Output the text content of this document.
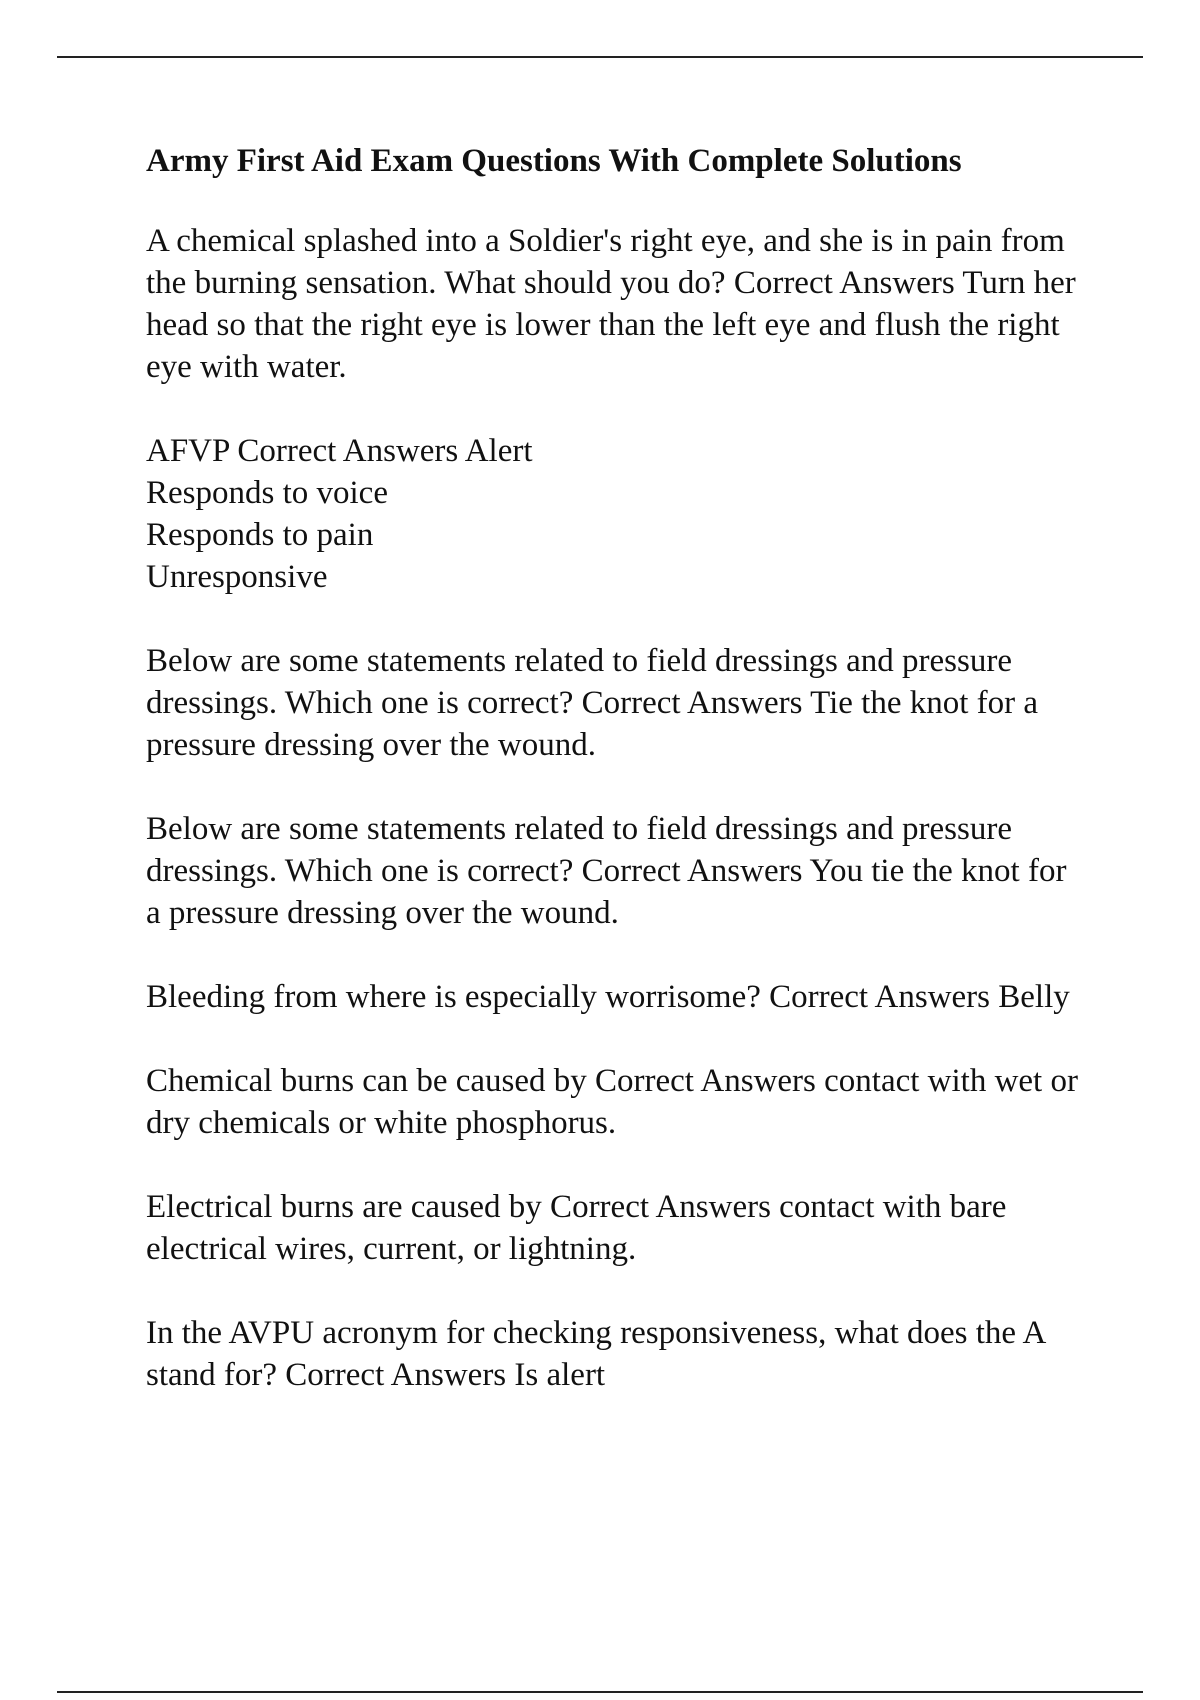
Army First Aid Exam Questions With Complete Solutions
A chemical splashed into a Soldier's right eye, and she is in pain from the burning sensation. What should you do? Correct Answers Turn her head so that the right eye is lower than the left eye and flush the right eye with water.
AFVP Correct Answers Alert
Responds to voice
Responds to pain
Unresponsive
Below are some statements related to field dressings and pressure dressings. Which one is correct? Correct Answers Tie the knot for a pressure dressing over the wound.
Below are some statements related to field dressings and pressure dressings. Which one is correct? Correct Answers You tie the knot for a pressure dressing over the wound.
Bleeding from where is especially worrisome? Correct Answers Belly
Chemical burns can be caused by Correct Answers contact with wet or dry chemicals or white phosphorus.
Electrical burns are caused by Correct Answers contact with bare electrical wires, current, or lightning.
In the AVPU acronym for checking responsiveness, what does the A stand for? Correct Answers Is alert
